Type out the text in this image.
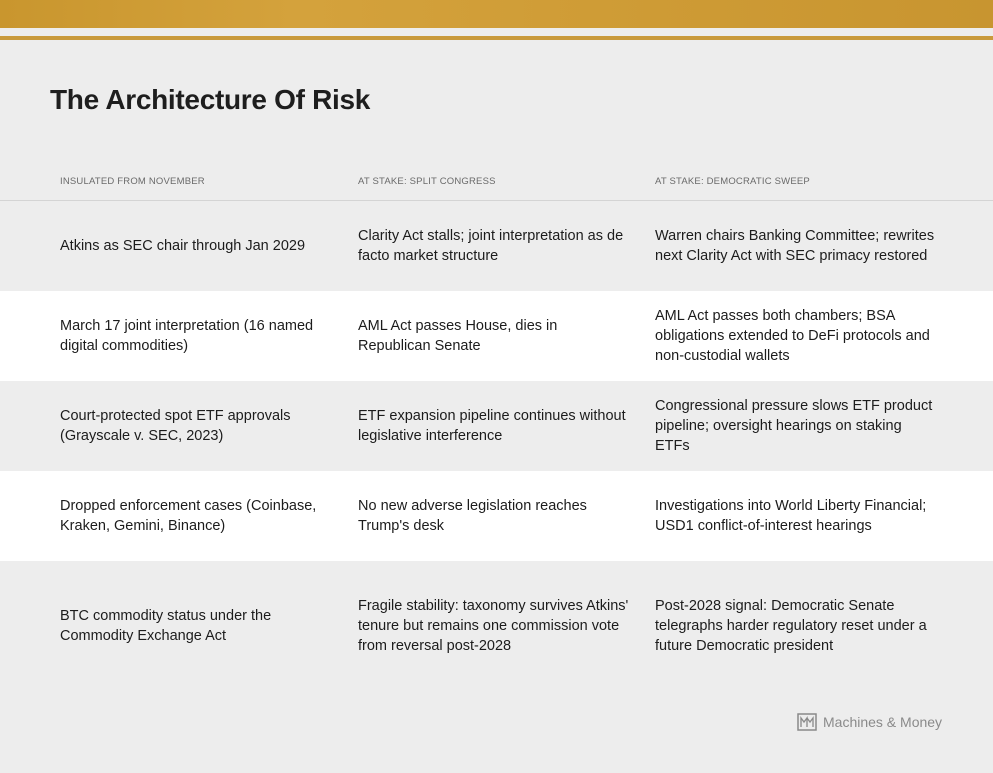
The Architecture Of Risk
INSULATED FROM NOVEMBER	AT STAKE: SPLIT CONGRESS	AT STAKE: DEMOCRATIC SWEEP
Atkins as SEC chair through Jan 2029
Clarity Act stalls; joint interpretation as de facto market structure
Warren chairs Banking Committee; rewrites next Clarity Act with SEC primacy restored
March 17 joint interpretation (16 named digital commodities)
AML Act passes House, dies in Republican Senate
AML Act passes both chambers; BSA obligations extended to DeFi protocols and non-custodial wallets
Court-protected spot ETF approvals (Grayscale v. SEC, 2023)
ETF expansion pipeline continues without legislative interference
Congressional pressure slows ETF product pipeline; oversight hearings on staking ETFs
Dropped enforcement cases (Coinbase, Kraken, Gemini, Binance)
No new adverse legislation reaches Trump's desk
Investigations into World Liberty Financial; USD1 conflict-of-interest hearings
BTC commodity status under the Commodity Exchange Act
Fragile stability: taxonomy survives Atkins' tenure but remains one commission vote from reversal post-2028
Post-2028 signal: Democratic Senate telegraphs harder regulatory reset under a future Democratic president
Machines & Money
